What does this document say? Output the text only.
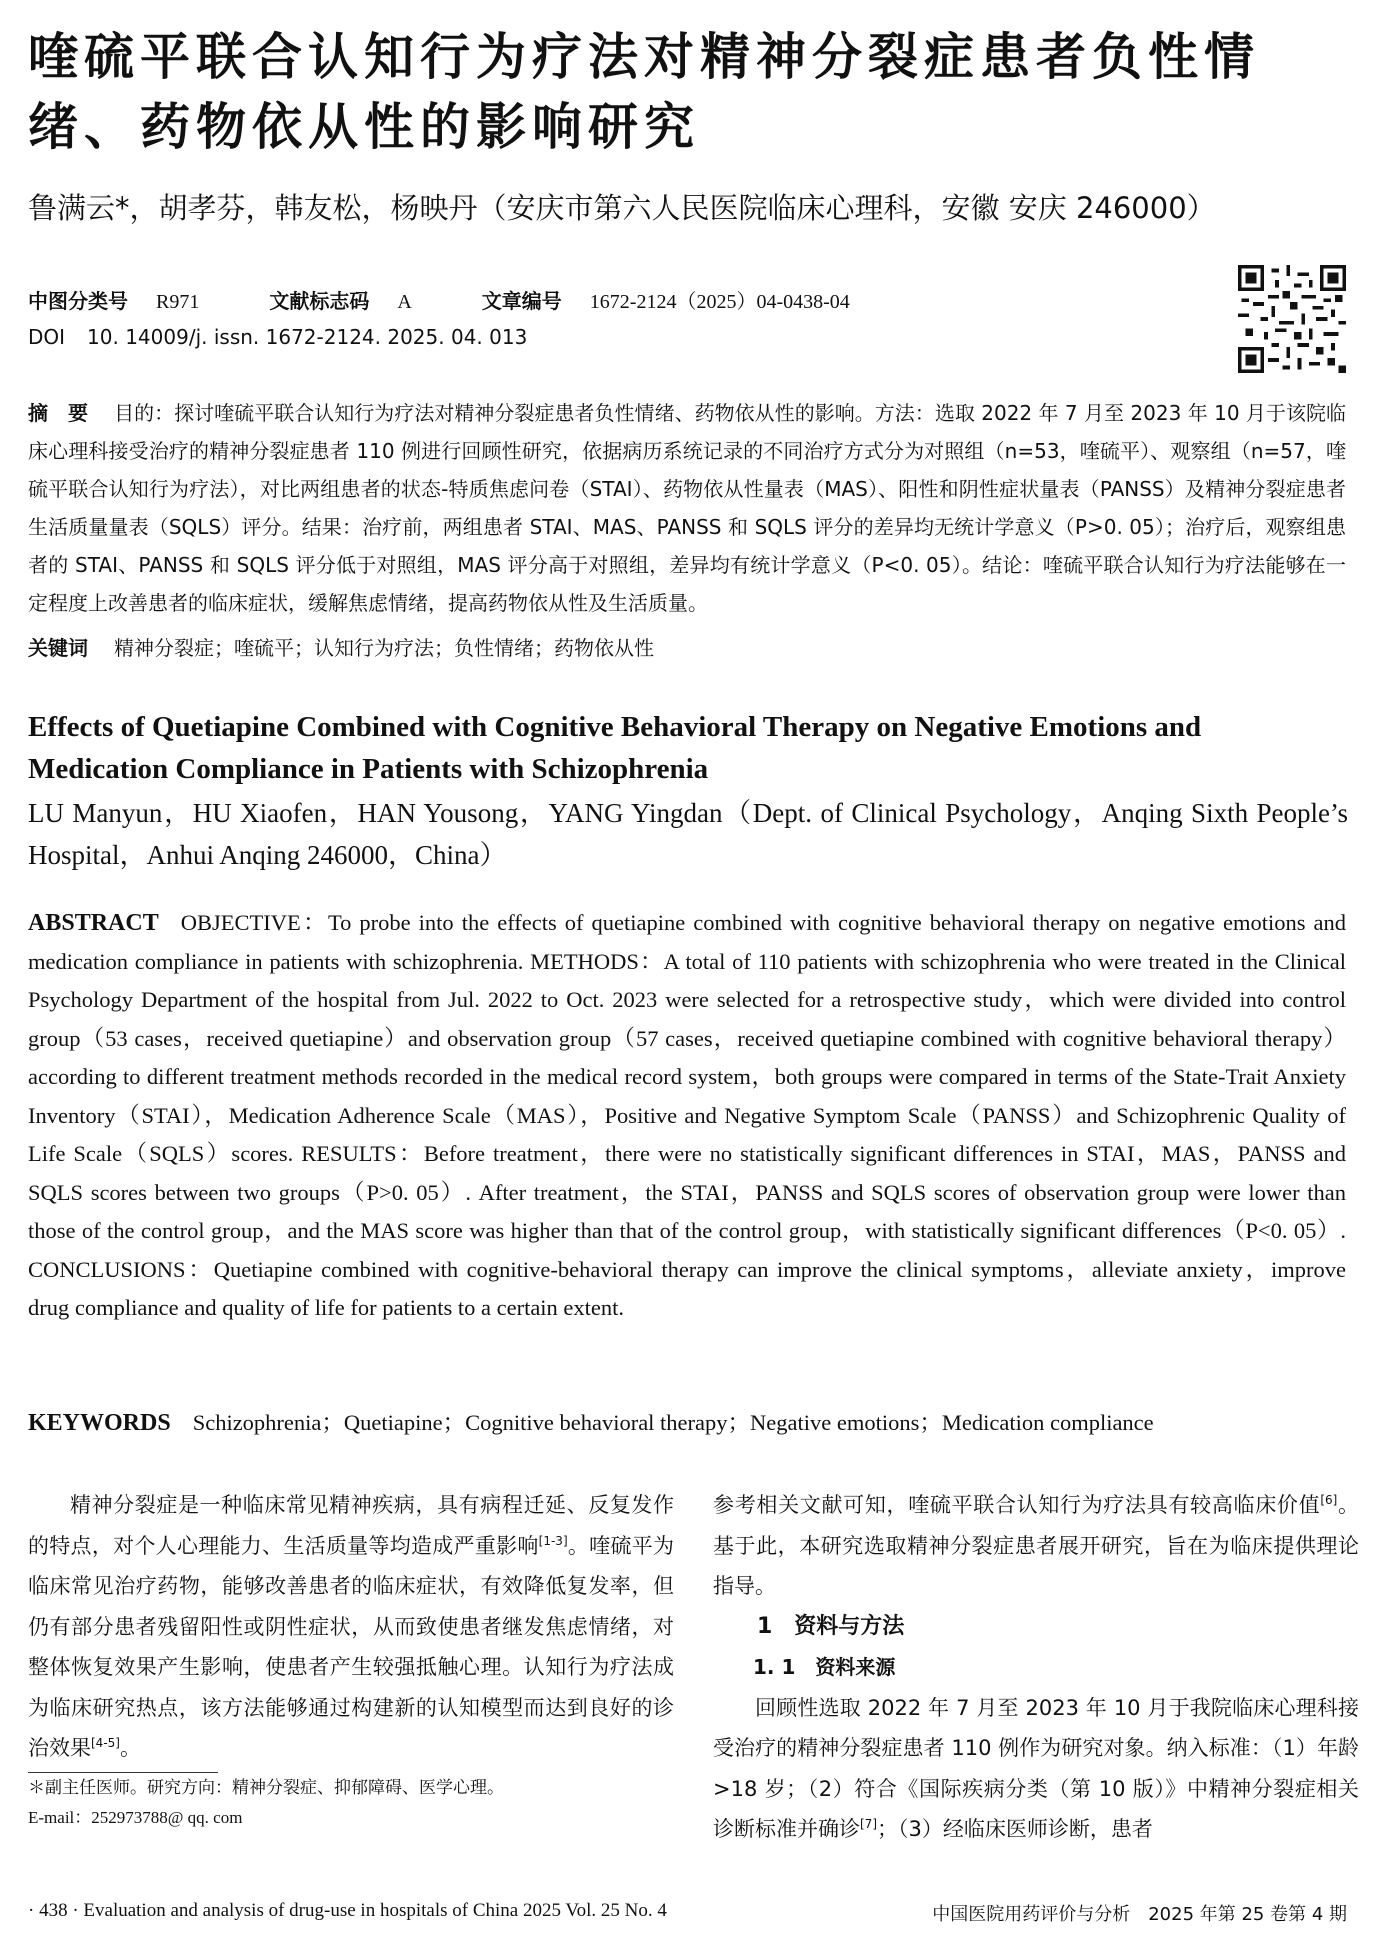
喹硫平联合认知行为疗法对精神分裂症患者负性情绪、药物依从性的影响研究
鲁满云*，胡孝芬，韩友松，杨映丹（安庆市第六人民医院临床心理科，安徽 安庆 246000）
中图分类号 R971	文献标志码 A	文章编号 1672-2124（2025）04-0438-04
DOI 10. 14009/j. issn. 1672-2124. 2025. 04. 013
摘　要 目的：探讨喹硫平联合认知行为疗法对精神分裂症患者负性情绪、药物依从性的影响。方法：选取 2022 年 7 月至 2023 年 10 月于该院临床心理科接受治疗的精神分裂症患者 110 例进行回顾性研究，依据病历系统记录的不同治疗方式分为对照组（n=53，喹硫平）、观察组（n=57，喹硫平联合认知行为疗法），对比两组患者的状态-特质焦虑问卷（STAI）、药物依从性量表（MAS）、阳性和阴性症状量表（PANSS）及精神分裂症患者生活质量量表（SQLS）评分。结果：治疗前，两组患者 STAI、MAS、PANSS 和 SQLS 评分的差异均无统计学意义（P>0. 05）；治疗后，观察组患者的 STAI、PANSS 和 SQLS 评分低于对照组，MAS 评分高于对照组，差异均有统计学意义（P<0. 05）。结论：喹硫平联合认知行为疗法能够在一定程度上改善患者的临床症状，缓解焦虑情绪，提高药物依从性及生活质量。
关键词 精神分裂症；喹硫平；认知行为疗法；负性情绪；药物依从性
Effects of Quetiapine Combined with Cognitive Behavioral Therapy on Negative Emotions and Medication Compliance in Patients with Schizophrenia
LU Manyun，HU Xiaofen，HAN Yousong，YANG Yingdan（Dept. of Clinical Psychology，Anqing Sixth People’s Hospital，Anhui Anqing 246000，China）
ABSTRACT OBJECTIVE：To probe into the effects of quetiapine combined with cognitive behavioral therapy on negative emotions and medication compliance in patients with schizophrenia. METHODS：A total of 110 patients with schizophrenia who were treated in the Clinical Psychology Department of the hospital from Jul. 2022 to Oct. 2023 were selected for a retrospective study，which were divided into control group（53 cases，received quetiapine）and observation group（57 cases，received quetiapine combined with cognitive behavioral therapy）according to different treatment methods recorded in the medical record system，both groups were compared in terms of the State-Trait Anxiety Inventory（STAI），Medication Adherence Scale（MAS），Positive and Negative Symptom Scale（PANSS）and Schizophrenic Quality of Life Scale（SQLS）scores. RESULTS：Before treatment，there were no statistically significant differences in STAI，MAS，PANSS and SQLS scores between two groups（P>0. 05）. After treatment，the STAI，PANSS and SQLS scores of observation group were lower than those of the control group，and the MAS score was higher than that of the control group，with statistically significant differences（P<0. 05）. CONCLUSIONS：Quetiapine combined with cognitive-behavioral therapy can improve the clinical symptoms，alleviate anxiety，improve drug compliance and quality of life for patients to a certain extent.
KEYWORDS Schizophrenia；Quetiapine；Cognitive behavioral therapy；Negative emotions；Medication compliance

精神分裂症是一种临床常见精神疾病，具有病程迁延、反复发作的特点，对个人心理能力、生活质量等均造成严重影响[1-3]。喹硫平为临床常见治疗药物，能够改善患者的临床症状，有效降低复发率，但仍有部分患者残留阳性或阴性症状，从而致使患者继发焦虑情绪，对整体恢复效果产生影响，使患者产生较强抵触心理。认知行为疗法成为临床研究热点，该方法能够通过构建新的认知模型而达到良好的诊治效果[4-5]。

＊副主任医师。研究方向：精神分裂症、抑郁障碍、医学心理。

E-mail：252973788@ qq. com

参考相关文献可知，喹硫平联合认知行为疗法具有较高临床价值[6]。基于此，本研究选取精神分裂症患者展开研究，旨在为临床提供理论指导。

1　资料与方法

1. 1　资料来源

回顾性选取 2022 年 7 月至 2023 年 10 月于我院临床心理科接受治疗的精神分裂症患者 110 例作为研究对象。纳入标准：（1）年龄>18 岁；（2）符合《国际疾病分类（第 10 版）》中精神分裂症相关诊断标准并确诊[7]；（3）经临床医师诊断，患者

· 438 · Evaluation and analysis of drug-use in hospitals of China 2025 Vol. 25 No. 4	中国医院用药评价与分析　2025 年第 25 卷第 4 期
